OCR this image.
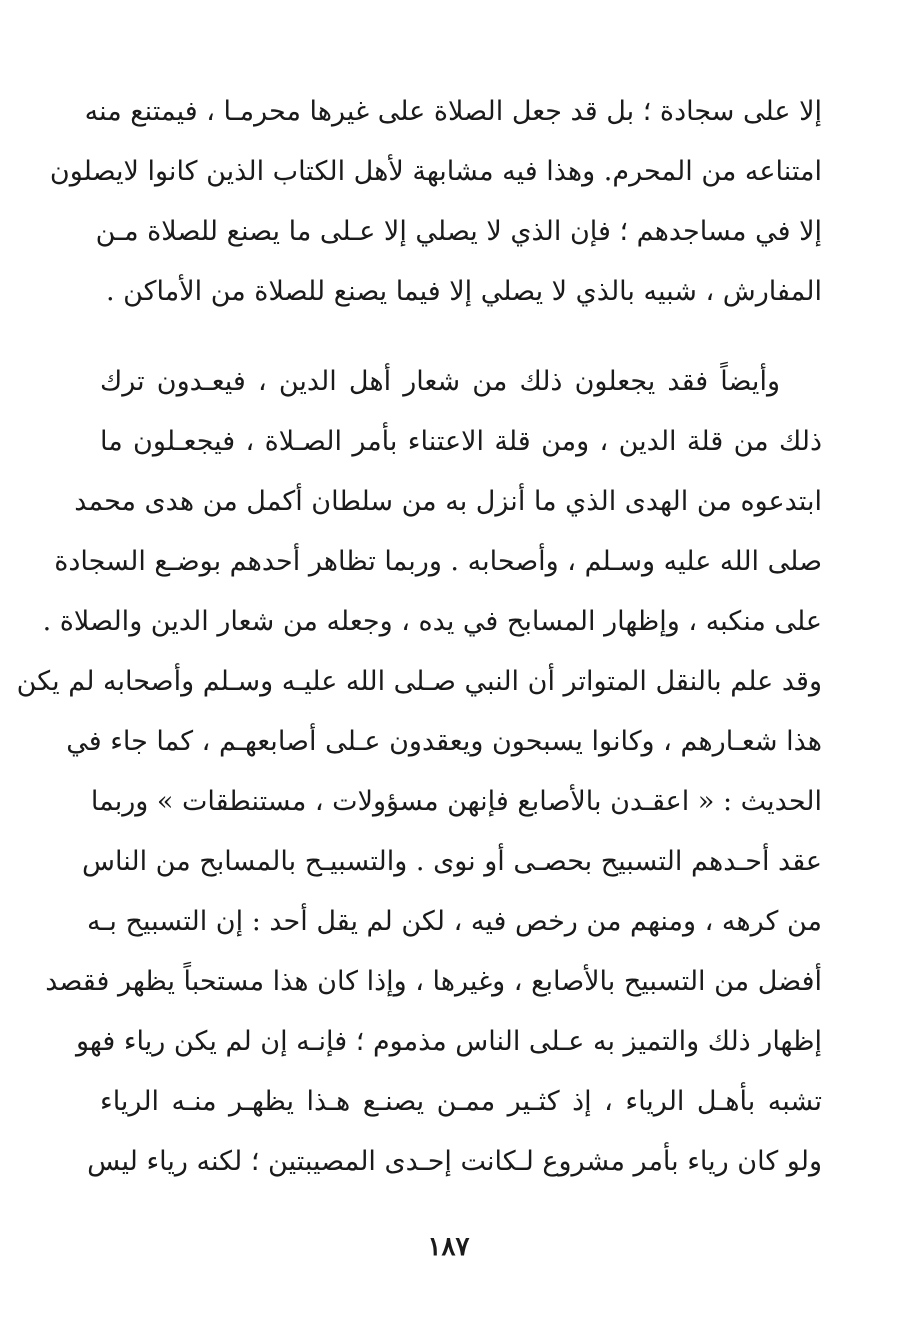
إلا على سجادة ؛ بل قد جعل الصلاة على غيرها محرمـا ، فيمتنع منه
امتناعه من المحرم. وهذا فيه مشابهة لأهل الكتاب الذين كانوا لايصلون
إلا في مساجدهم ؛ فإن الذي لا يصلي إلا عـلى ما يصنع للصلاة مـن
المفارش ، شبيه بالذي لا يصلي إلا فيما يصنع للصلاة من الأماكن .
وأيضاً فقد يجعلون ذلك من شعار أهل الدين ، فيعـدون ترك
ذلك من قلة الدين ، ومن قلة الاعتناء بأمر الصـلاة ، فيجعـلون ما
ابتدعوه من الهدى الذي ما أنزل به من سلطان أكمل من هدى محمد
صلى الله عليه وسـلم ، وأصحابه . وربما تظاهر أحدهم بوضـع السجادة
على منكبه ، وإظهار المسابح في يده ، وجعله من شعار الدين والصلاة .
وقد علم بالنقل المتواتر أن النبي صـلى الله عليـه وسـلم وأصحابه لم يكن
هذا شعـارهم ، وكانوا يسبحون ويعقدون عـلى أصابعهـم ، كما جاء في
الحديث : « اعقـدن بالأصابع فإنهن مسؤولات ، مستنطقات » وربما
عقد أحـدهم التسبيح بحصـى أو نوى . والتسبيـح بالمسابح من الناس
من كرهه ، ومنهم من رخص فيه ، لكن لم يقل أحد : إن التسبيح بـه
أفضل من التسبيح بالأصابع ، وغيرها ، وإذا كان هذا مستحباً يظهر فقصد
إظهار ذلك والتميز به عـلى الناس مذموم ؛ فإنـه إن لم يكن رياء فهو
تشبه بأهـل الرياء ، إذ كثـير ممـن يصنـع هـذا يظهـر منـه الرياء
ولو كان رياء بأمر مشروع لـكانت إحـدى المصيبتين ؛ لكنه رياء ليس
١٨٧
